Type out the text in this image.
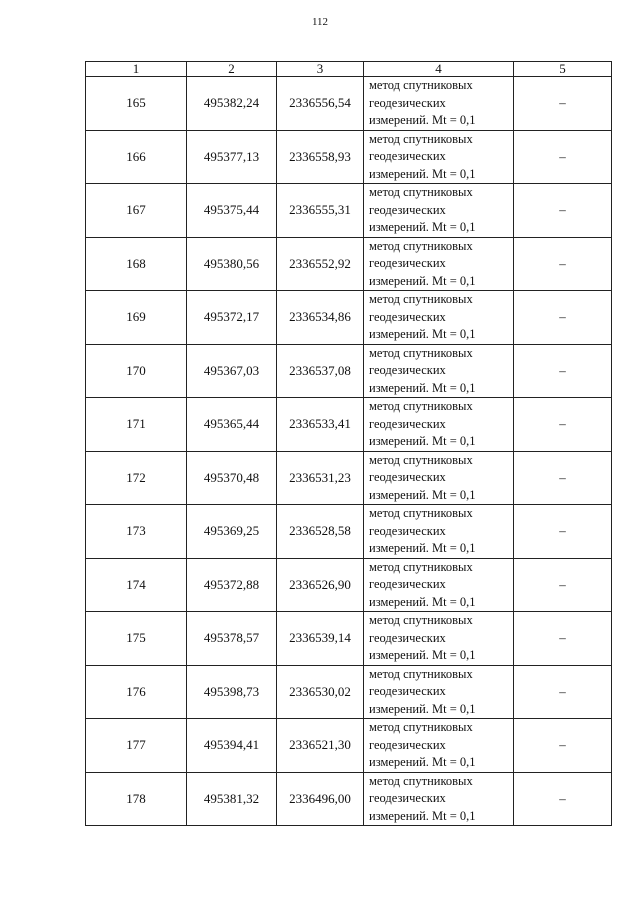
112
1	2	3	4	5
165	495382,24	2336556,54	метод спутниковых
геодезических
измерений. Mt = 0,1	–
166	495377,13	2336558,93	метод спутниковых
геодезических
измерений. Mt = 0,1	–
167	495375,44	2336555,31	метод спутниковых
геодезических
измерений. Mt = 0,1	–
168	495380,56	2336552,92	метод спутниковых
геодезических
измерений. Mt = 0,1	–
169	495372,17	2336534,86	метод спутниковых
геодезических
измерений. Mt = 0,1	–
170	495367,03	2336537,08	метод спутниковых
геодезических
измерений. Mt = 0,1	–
171	495365,44	2336533,41	метод спутниковых
геодезических
измерений. Mt = 0,1	–
172	495370,48	2336531,23	метод спутниковых
геодезических
измерений. Mt = 0,1	–
173	495369,25	2336528,58	метод спутниковых
геодезических
измерений. Mt = 0,1	–
174	495372,88	2336526,90	метод спутниковых
геодезических
измерений. Mt = 0,1	–
175	495378,57	2336539,14	метод спутниковых
геодезических
измерений. Mt = 0,1	–
176	495398,73	2336530,02	метод спутниковых
геодезических
измерений. Mt = 0,1	–
177	495394,41	2336521,30	метод спутниковых
геодезических
измерений. Mt = 0,1	–
178	495381,32	2336496,00	метод спутниковых
геодезических
измерений. Mt = 0,1	–
